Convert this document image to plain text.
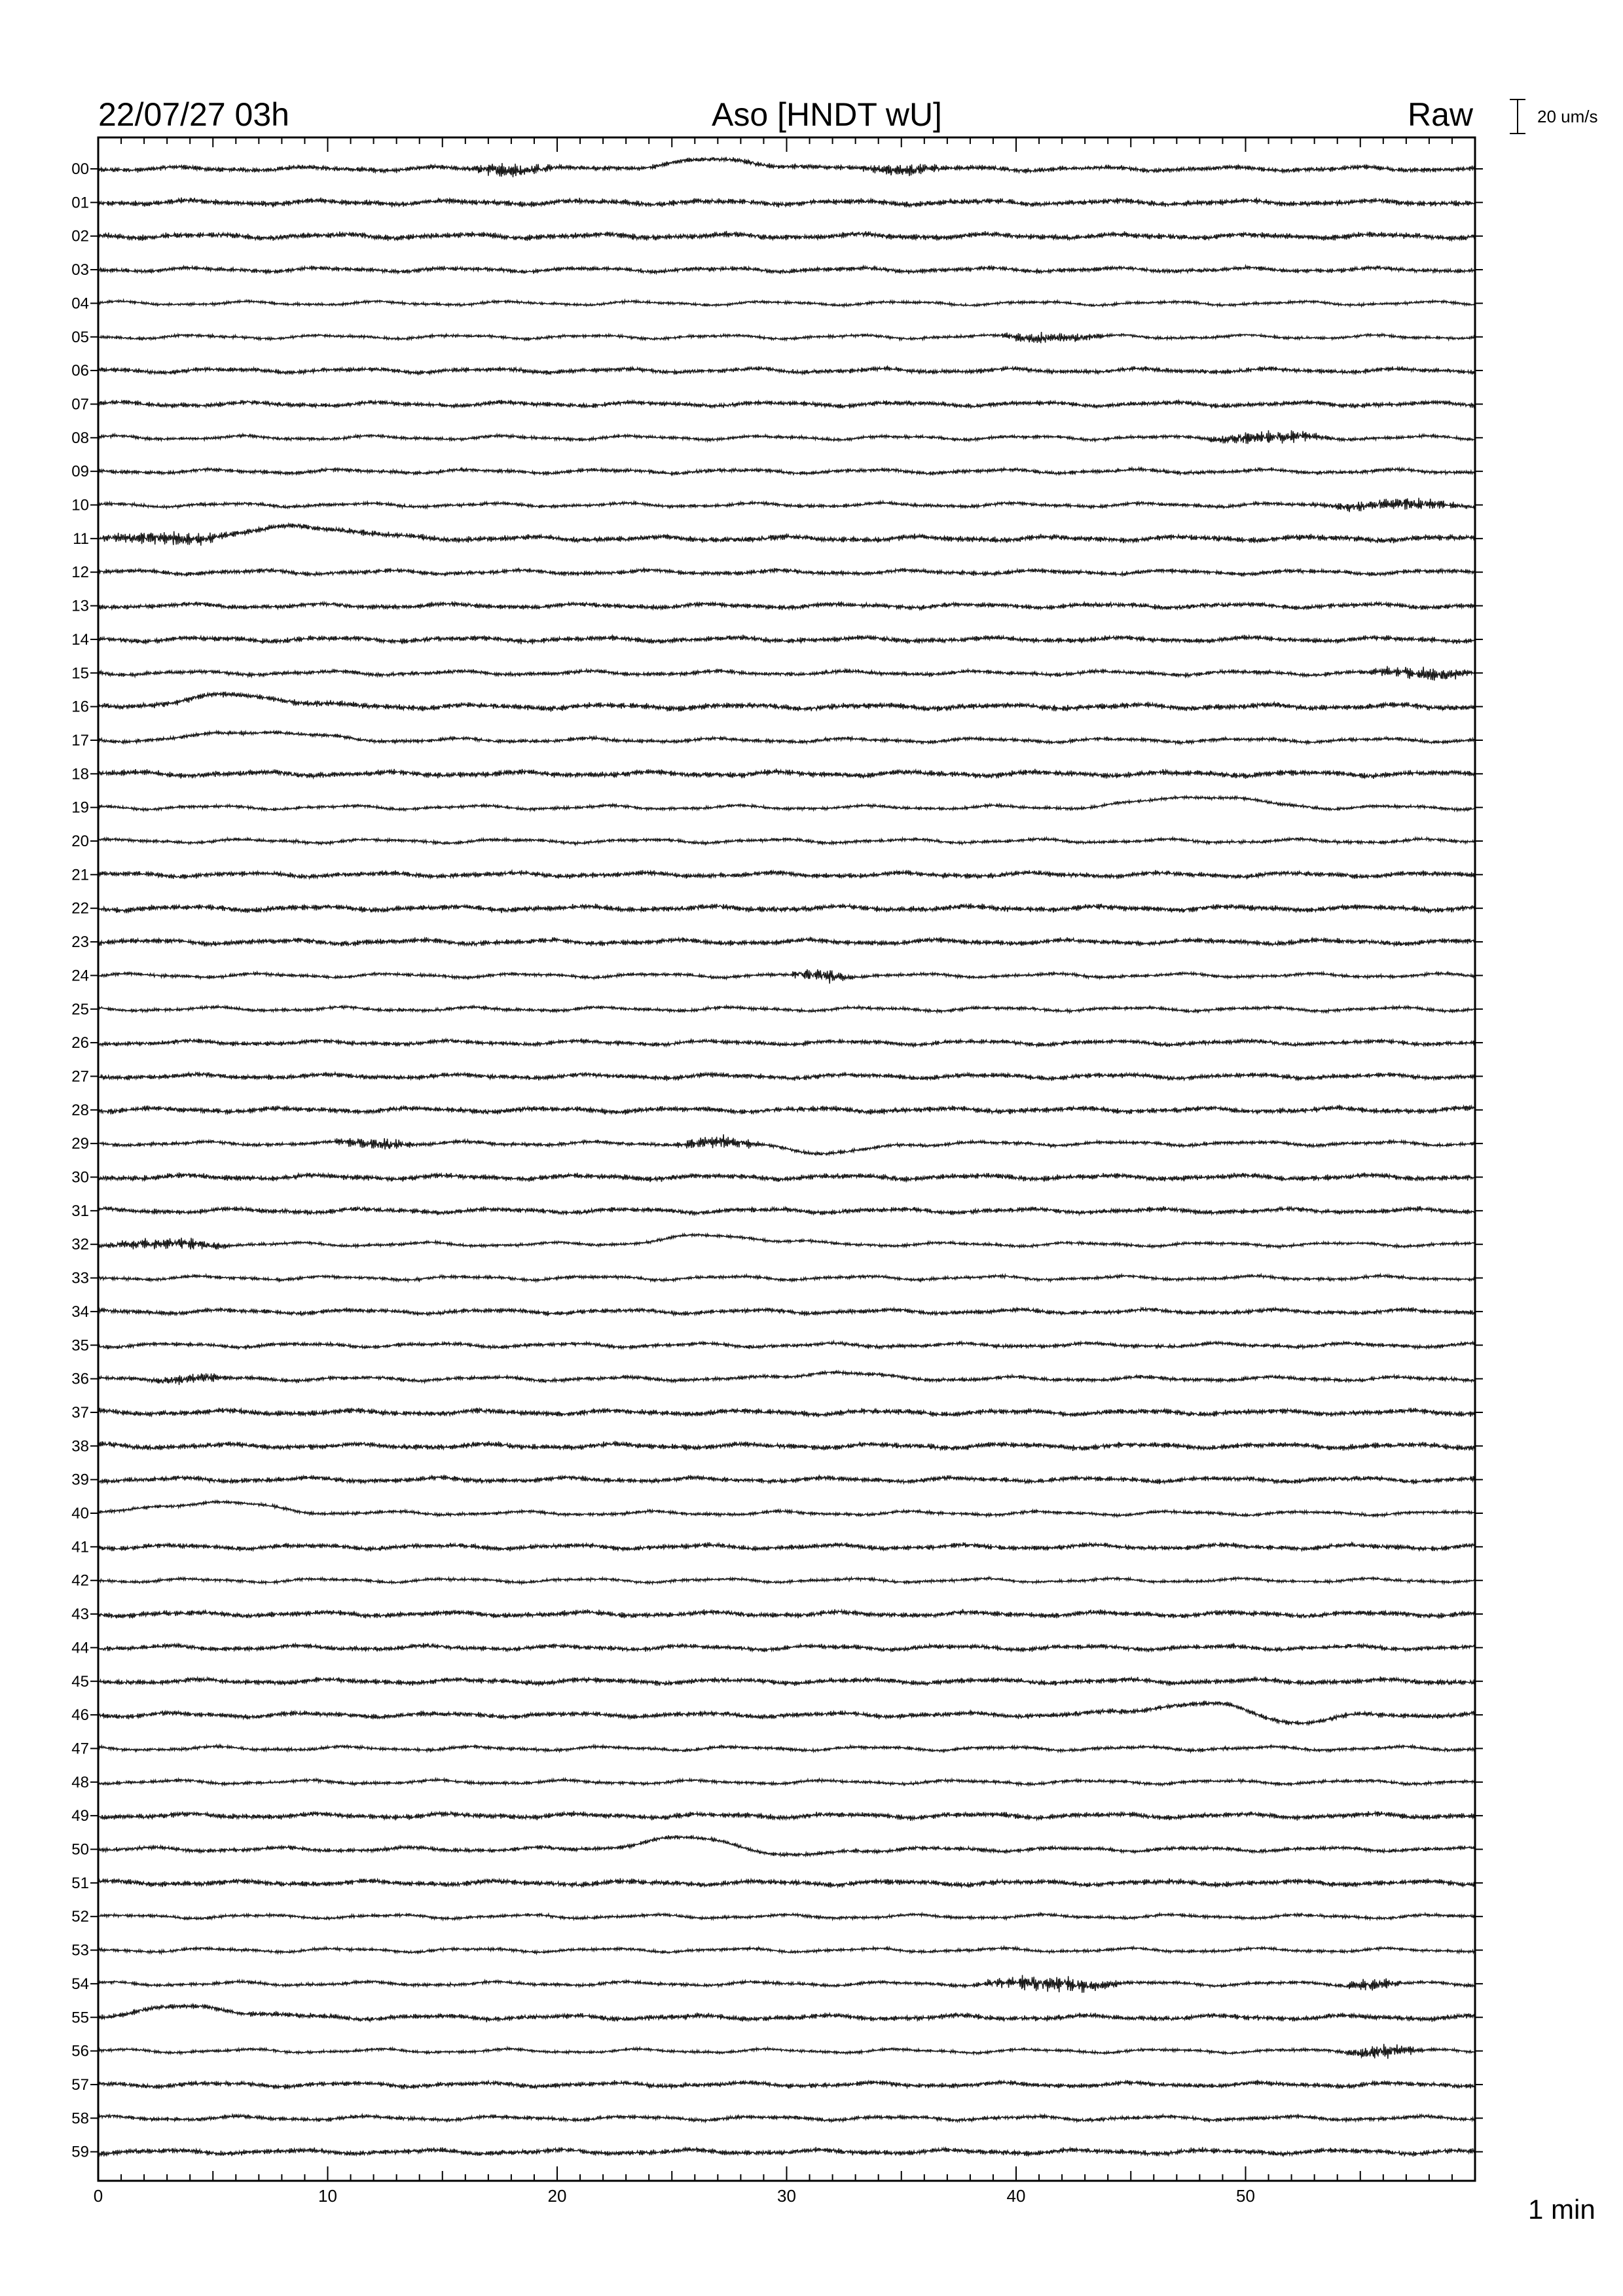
22/07/27 03h	Aso [HNDT wU]	Raw	20 um/s
1 min
00
01
02
03
04
05
06
07
08
09
10
11
12
13
14
15
16
17
18
19
20
21
22
23
24
25
26
27
28
29
30
31
32
33
34
35
36
37
38
39
40
41
42
43
44
45
46
47
48
49
50
51
52
53
54
55
56
57
58
59
0	10	20	30	40	50
